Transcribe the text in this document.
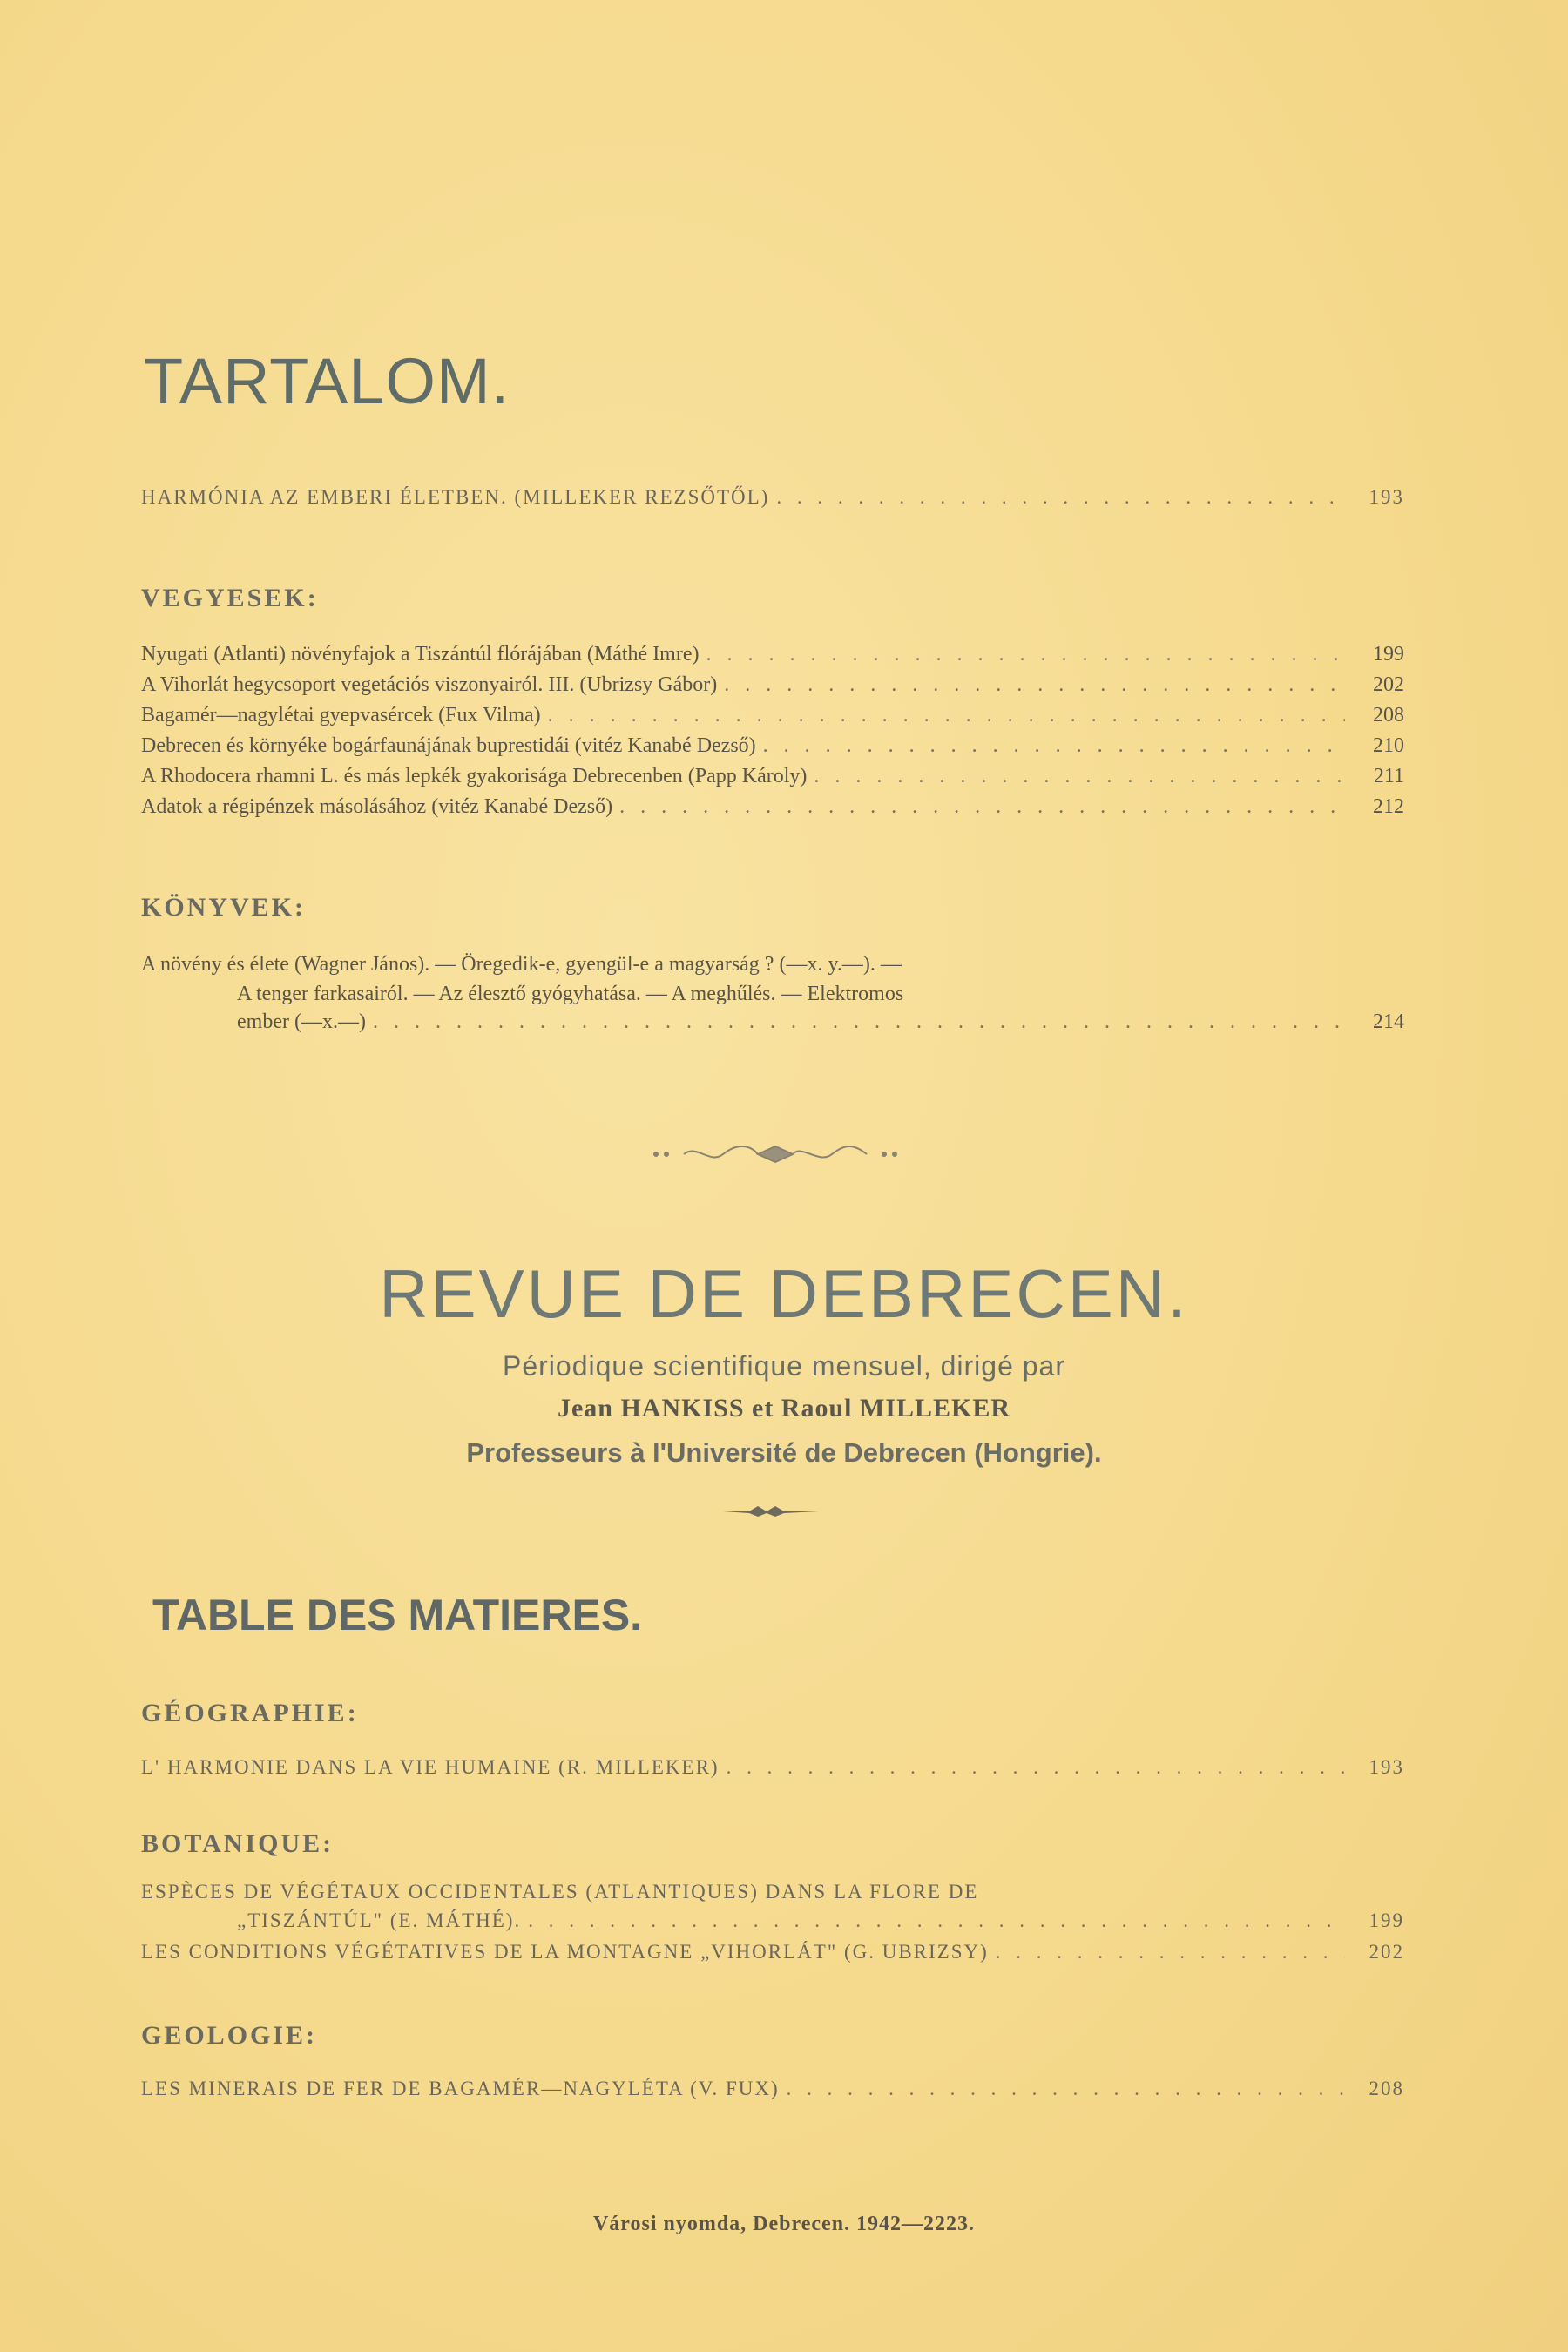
TARTALOM.
HARMÓNIA AZ EMBERI ÉLETBEN. (MILLEKER REZSŐTŐL) . . .	193
VEGYESEK:
Nyugati (Atlanti) növényfajok a Tiszántúl flórájában (Máthé Imre) . . .	199
A Vihorlát hegycsoport vegetációs viszonyairól. III. (Ubrizsy Gábor) . . .	202
Bagamér—nagylétai gyepvasércek (Fux Vilma) . . .	208
Debrecen és környéke bogárfaunájának buprestidái (vitéz Kanabé Dezső) . . .	210
A Rhodocera rhamni L. és más lepkék gyakorisága Debrecenben (Papp Károly) . . .	211
Adatok a régipénzek másolásához (vitéz Kanabé Dezső) . . .	212
KÖNYVEK:
A növény és élete (Wagner János). — Öregedik-e, gyengül-e a magyarság ? (—x. y.—). —
A tenger farkasairól. — Az élesztő gyógyhatása. — A meghűlés. — Elektromos
ember (—x.—) . . .	214
REVUE DE DEBRECEN.
Périodique scientifique mensuel, dirigé par
Jean HANKISS et Raoul MILLEKER
Professeurs à l'Université de Debrecen (Hongrie).
TABLE DES MATIERES.
GÉOGRAPHIE:
L' HARMONIE DANS LA VIE HUMAINE (R. MILLEKER) . . .	193
BOTANIQUE:
ESPÈCES DE VÉGÉTAUX OCCIDENTALES (ATLANTIQUES) DANS LA FLORE DE
„TISZÁNTÚL" (E. MÁTHÉ). . . .	199
LES CONDITIONS VÉGÉTATIVES DE LA MONTAGNE „VIHORLÁT" (G. UBRIZSY) . . .	202
GEOLOGIE:
LES MINERAIS DE FER DE BAGAMÉR—NAGYLÉTA (V. FUX) . . .	208
Városi nyomda, Debrecen. 1942—2223.
